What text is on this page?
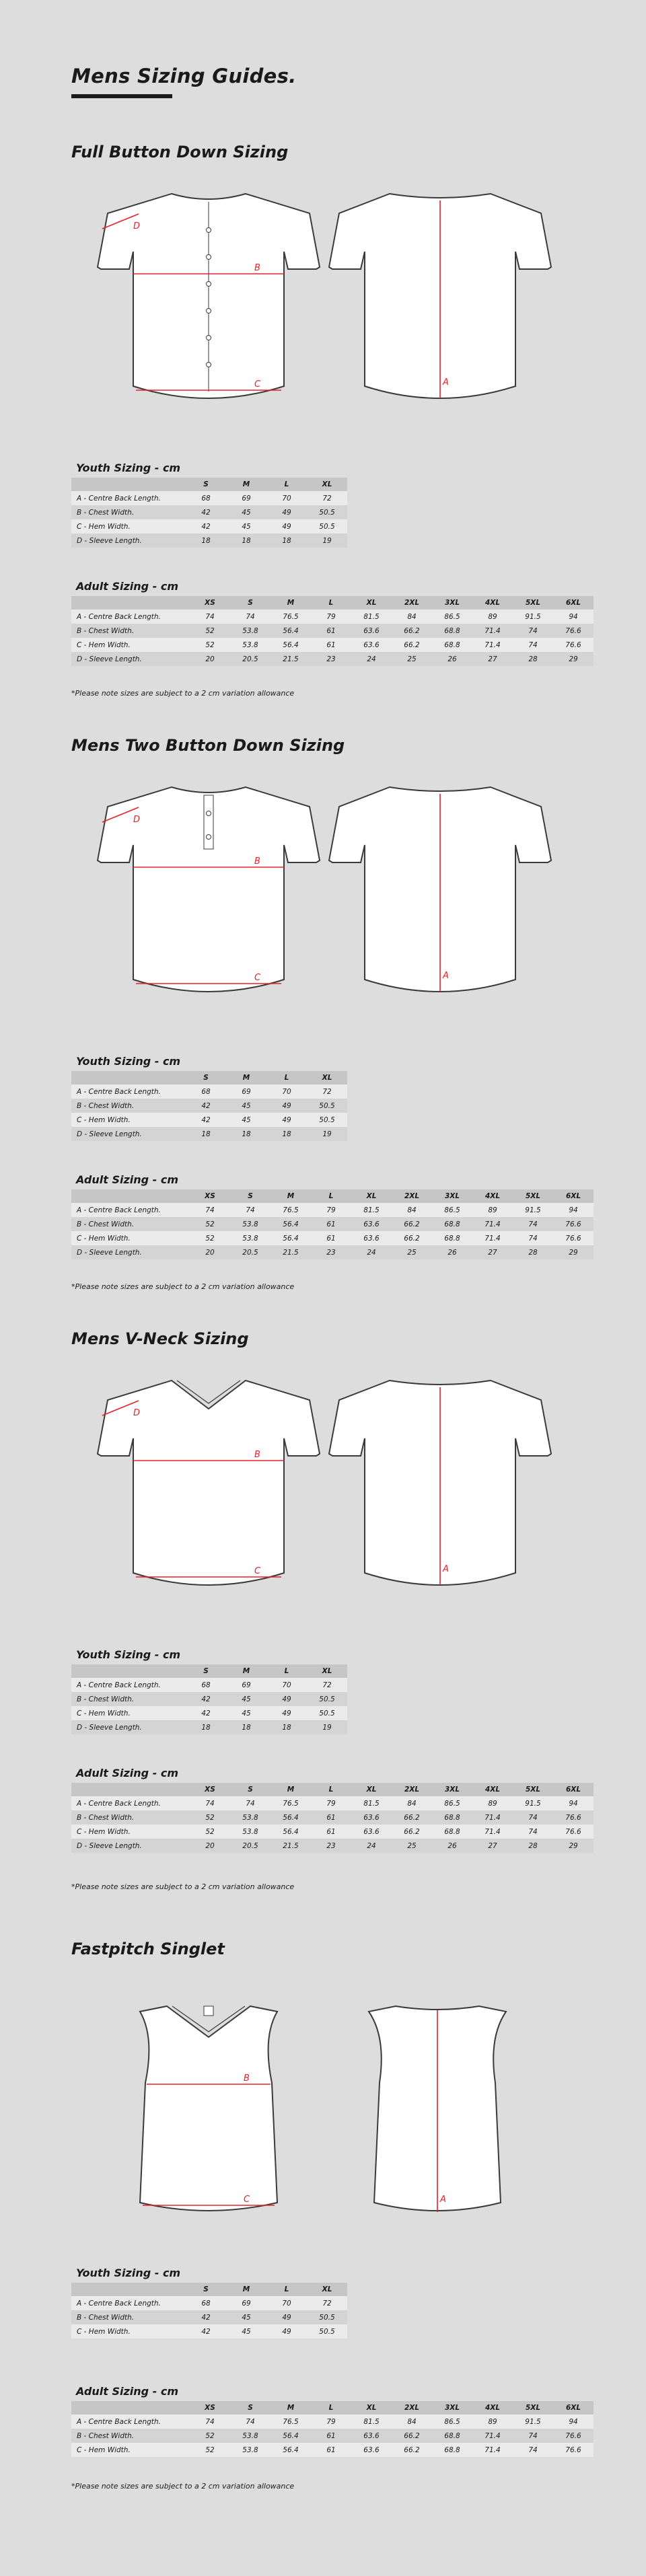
Mens Sizing Guides.
Full Button Down Sizing
D
B
C	A
Youth Sizing - cm
	S	M	L	XL
A - Centre Back Length.	68	69	70	72
B - Chest Width.	42	45	49	50.5
C - Hem Width.	42	45	49	50.5
D - Sleeve Length.	18	18	18	19
Adult Sizing - cm
	XS	S	M	L	XL	2XL	3XL	4XL	5XL	6XL
A - Centre Back Length.	74	74	76.5	79	81.5	84	86.5	89	91.5	94
B - Chest Width.	52	53.8	56.4	61	63.6	66.2	68.8	71.4	74	76.6
C - Hem Width.	52	53.8	56.4	61	63.6	66.2	68.8	71.4	74	76.6
D - Sleeve Length.	20	20.5	21.5	23	24	25	26	27	28	29

*Please note sizes are subject to a 2 cm variation allowance

Mens Two Button Down Sizing
D
B
C	A
Youth Sizing - cm
	S	M	L	XL
A - Centre Back Length.	68	69	70	72
B - Chest Width.	42	45	49	50.5
C - Hem Width.	42	45	49	50.5
D - Sleeve Length.	18	18	18	19
Adult Sizing - cm
	XS	S	M	L	XL	2XL	3XL	4XL	5XL	6XL
A - Centre Back Length.	74	74	76.5	79	81.5	84	86.5	89	91.5	94
B - Chest Width.	52	53.8	56.4	61	63.6	66.2	68.8	71.4	74	76.6
C - Hem Width.	52	53.8	56.4	61	63.6	66.2	68.8	71.4	74	76.6
D - Sleeve Length.	20	20.5	21.5	23	24	25	26	27	28	29

*Please note sizes are subject to a 2 cm variation allowance

Mens V-Neck Sizing
D
B
C	A
Youth Sizing - cm
	S	M	L	XL
A - Centre Back Length.	68	69	70	72
B - Chest Width.	42	45	49	50.5
C - Hem Width.	42	45	49	50.5
D - Sleeve Length.	18	18	18	19
Adult Sizing - cm
	XS	S	M	L	XL	2XL	3XL	4XL	5XL	6XL
A - Centre Back Length.	74	74	76.5	79	81.5	84	86.5	89	91.5	94
B - Chest Width.	52	53.8	56.4	61	63.6	66.2	68.8	71.4	74	76.6
C - Hem Width.	52	53.8	56.4	61	63.6	66.2	68.8	71.4	74	76.6
D - Sleeve Length.	20	20.5	21.5	23	24	25	26	27	28	29

*Please note sizes are subject to a 2 cm variation allowance

Fastpitch Singlet
B
C	A
Youth Sizing - cm
	S	M	L	XL
A - Centre Back Length.	68	69	70	72
B - Chest Width.	42	45	49	50.5
C - Hem Width.	42	45	49	50.5
Adult Sizing - cm
	XS	S	M	L	XL	2XL	3XL	4XL	5XL	6XL
A - Centre Back Length.	74	74	76.5	79	81.5	84	86.5	89	91.5	94
B - Chest Width.	52	53.8	56.4	61	63.6	66.2	68.8	71.4	74	76.6
C - Hem Width.	52	53.8	56.4	61	63.6	66.2	68.8	71.4	74	76.6

*Please note sizes are subject to a 2 cm variation allowance
